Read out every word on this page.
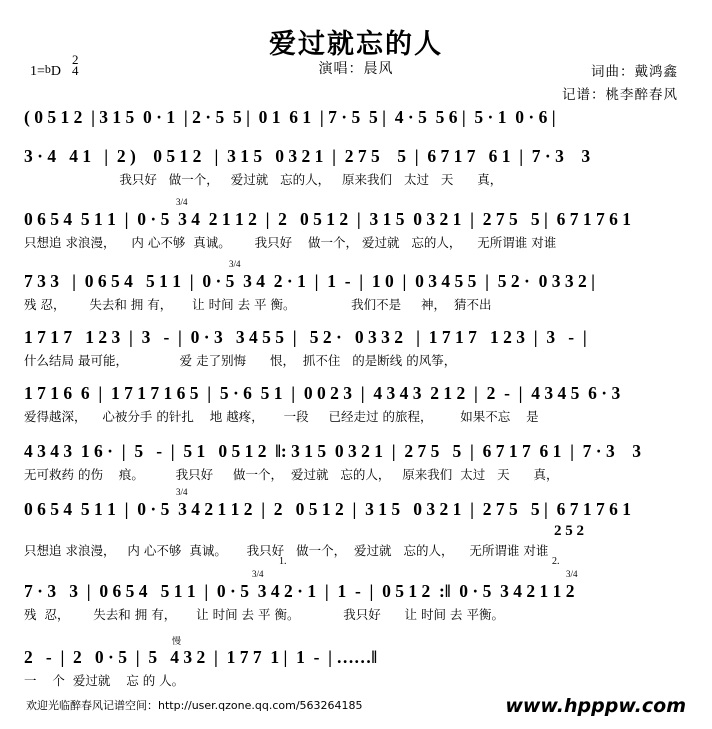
爱过就忘的人
演唱：晨风	词曲：戴鸿鑫
记谱：桃李醉春风
1=bD
2
4
( 0 5 1 2  | 3 1 5  0 · 1  | 2 · 5  5 |  0 1  6 1  | 7 · 5  5 |  4 · 5  5 6 |  5 · 1  0 · 6 |
3 · 4   4 1   |  2 )    0 5 1 2   |  3 1 5   0 3 2 1  |  2 7 5    5  |  6 7 1 7   6 1  |  7 · 3    3
我只好   做一个，   爱过就   忘的人，   原来我们   太过   天      真，
3/4
0 6 5 4  5 1 1  |  0 · 5  3 4  2 1 1 2  |  2   0 5 1 2  |  3 1 5  0 3 2 1  |  2 7 5   5 |  6 7 1 7 6 1
只想追 求浪漫，    内 心不够  真诚。      我只好    做一个， 爱过就   忘的人，    无所谓谁 对谁
3/4
7 3 3   |  0 6 5 4   5 1 1  |  0 · 5  3 4  2 · 1  |  1  -  |  1 0  |  0 3 4 5 5  |  5 2 ·  0 3 3 2 |
残 忍，      失去和 拥 有，     让 时间 去 平 衡。              我们不是     神，  猜不出
1 7 1 7   1 2 3  |  3   -  |  0 · 3   3 4 5 5  |   5 2 ·   0 3 3 2   |  1 7 1 7   1 2 3  |  3   -  |
什么结局 最可能，             爱 走了别悔      恨，  抓不住   的是断线 的风筝，
1 7 1 6  6  |  1 7 1 7 1 6 5  |  5 · 6  5 1  |  0 0 2 3  |  4 3 4 3  2 1 2  |  2  -  |  4 3 4 5  6 · 3
爱得越深，    心被分手 的针扎    地 越疼，     一段     已经走过 的旅程，       如果不忘    是
4 3 4 3  1 6 ·  |  5   -  |  5 1   0 5 1 2  ‖: 3 1 5  0 3 2 1  |  2 7 5   5  |  6 7 1 7  6 1  |  7 · 3    3
无可救药 的伤    痕。        我只好     做一个，  爱过就   忘的人，   原来我们  太过   天      真，
3/4
0 6 5 4  5 1 1  |  0 · 5  3 4 2 1 1 2  |  2   0 5 1 2  |  3 1 5   0 3 2 1  |  2 7 5   5 |  6 7 1 7 6 1
2 5 2
只想追 求浪漫，   内 心不够  真诚。     我只好   做一个，  爱过就   忘的人，    无所谓谁 对谁
3/4	3/4
1.	2.
7 · 3   3  |  0 6 5 4   5 1 1  |  0 · 5  3 4 2 · 1  |  1  -  |  0 5 1 2  :‖  0 · 5  3 4 2 1 1 2
残  忍，      失去和 拥 有，     让 时间 去 平 衡。           我只好      让 时间 去 平衡。
慢
2   -  |  2   0 · 5  |  5   4 3 2  |  1 7 7  1 |  1  -  | ……‖
一    个  爱过就    忘 的 人。
欢迎光临醉春风记谱空间：http://user.qzone.qq.com/563264185	www.hpppw.com
